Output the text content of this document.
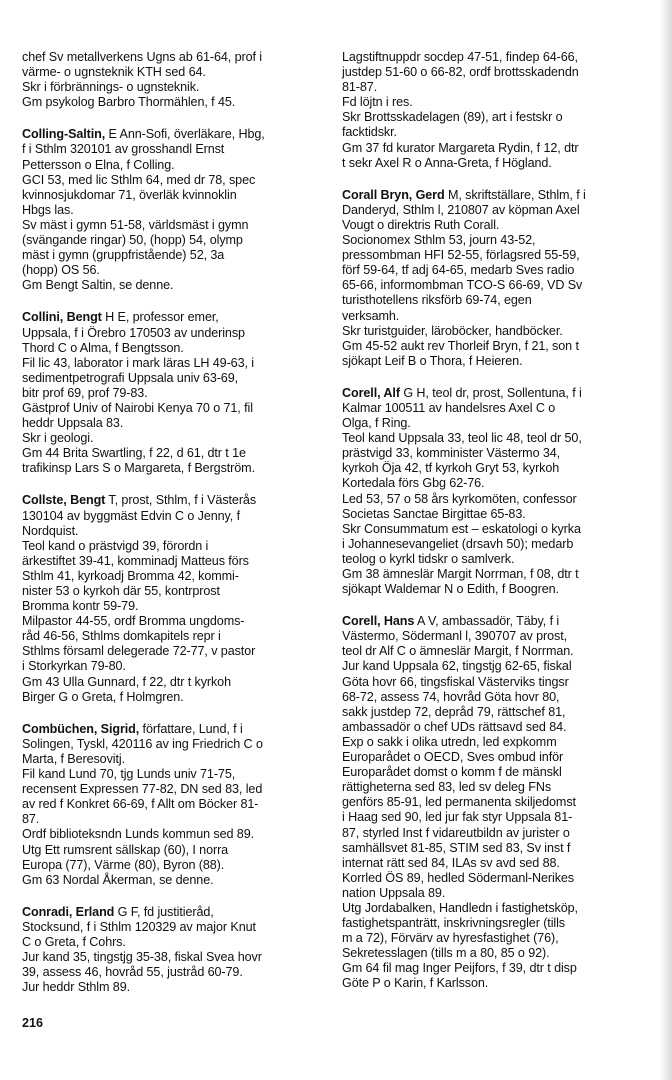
chef Sv metallverkens Ugns ab 61-64, prof i
värme- o ugnsteknik KTH sed 64.
Skr i förbrännings- o ugnsteknik.
Gm psykolog Barbro Thormählen, f 45.
Colling-Saltin, E Ann-Sofi, överläkare, Hbg,
f i Sthlm 320101 av grosshandl Ernst
Pettersson o Elna, f Colling.
GCI 53, med lic Sthlm 64, med dr 78, spec
kvinnosjukdomar 71, överläk kvinnoklin
Hbgs las.
Sv mäst i gymn 51-58, världsmäst i gymn
(svängande ringar) 50, (hopp) 54, olymp
mäst i gymn (gruppfristående) 52, 3a
(hopp) OS 56.
Gm Bengt Saltin, se denne.
Collini, Bengt H E, professor emer,
Uppsala, f i Örebro 170503 av underinsp
Thord C o Alma, f Bengtsson.
Fil lic 43, laborator i mark läras LH 49-63, i
sedimentpetrografi Uppsala univ 63-69,
bitr prof 69, prof 79-83.
Gästprof Univ of Nairobi Kenya 70 o 71, fil
heddr Uppsala 83.
Skr i geologi.
Gm 44 Brita Swartling, f 22, d 61, dtr t 1e
trafikinsp Lars S o Margareta, f Bergström.
Collste, Bengt T, prost, Sthlm, f i Västerås
130104 av byggmäst Edvin C o Jenny, f
Nordquist.
Teol kand o prästvigd 39, förordn i
ärkestiftet 39-41, komminadj Matteus förs
Sthlm 41, kyrkoadj Bromma 42, kommi-
nister 53 o kyrkoh där 55, kontrprost
Bromma kontr 59-79.
Milpastor 44-55, ordf Bromma ungdoms-
råd 46-56, Sthlms domkapitels repr i
Sthlms församl delegerade 72-77, v pastor
i Storkyrkan 79-80.
Gm 43 Ulla Gunnard, f 22, dtr t kyrkoh
Birger G o Greta, f Holmgren.
Combüchen, Sigrid, författare, Lund, f i
Solingen, Tyskl, 420116 av ing Friedrich C o
Marta, f Beresovitj.
Fil kand Lund 70, tjg Lunds univ 71-75,
recensent Expressen 77-82, DN sed 83, led
av red f Konkret 66-69, f Allt om Böcker 81-
87.
Ordf biblioteksndn Lunds kommun sed 89.
Utg Ett rumsrent sällskap (60), I norra
Europa (77), Värme (80), Byron (88).
Gm 63 Nordal Åkerman, se denne.
Conradi, Erland G F, fd justitieråd,
Stocksund, f i Sthlm 120329 av major Knut
C o Greta, f Cohrs.
Jur kand 35, tingstjg 35-38, fiskal Svea hovr
39, assess 46, hovråd 55, justråd 60-79.
Jur heddr Sthlm 89.
Lagstiftnuppdr socdep 47-51, findep 64-66,
justdep 51-60 o 66-82, ordf brottsskadendn
81-87.
Fd löjtn i res.
Skr Brottsskadelagen (89), art i festskr o
facktidskr.
Gm 37 fd kurator Margareta Rydin, f 12, dtr
t sekr Axel R o Anna-Greta, f Högland.
Corall Bryn, Gerd M, skriftställare, Sthlm, f i
Danderyd, Sthlm l, 210807 av köpman Axel
Vougt o direktris Ruth Corall.
Socionomex Sthlm 53, journ 43-52,
pressombman HFI 52-55, förlagsred 55-59,
förf 59-64, tf adj 64-65, medarb Sves radio
65-66, informombman TCO-S 66-69, VD Sv
turisthotellens riksförb 69-74, egen
verksamh.
Skr turistguider, läroböcker, handböcker.
Gm 45-52 aukt rev Thorleif Bryn, f 21, son t
sjökapt Leif B o Thora, f Heieren.
Corell, Alf G H, teol dr, prost, Sollentuna, f i
Kalmar 100511 av handelsres Axel C o
Olga, f Ring.
Teol kand Uppsala 33, teol lic 48, teol dr 50,
prästvigd 33, komminister Västermo 34,
kyrkoh Öja 42, tf kyrkoh Gryt 53, kyrkoh
Kortedala förs Gbg 62-76.
Led 53, 57 o 58 års kyrkomöten, confessor
Societas Sanctae Birgittae 65-83.
Skr Consummatum est – eskatologi o kyrka
i Johannesevangeliet (drsavh 50); medarb
teolog o kyrkl tidskr o samlverk.
Gm 38 ämneslär Margit Norrman, f 08, dtr t
sjökapt Waldemar N o Edith, f Boogren.
Corell, Hans A V, ambassadör, Täby, f i
Västermo, Södermanl l, 390707 av prost,
teol dr Alf C o ämneslär Margit, f Norrman.
Jur kand Uppsala 62, tingstjg 62-65, fiskal
Göta hovr 66, tingsfiskal Västerviks tingsr
68-72, assess 74, hovråd Göta hovr 80,
sakk justdep 72, depråd 79, rättschef 81,
ambassadör o chef UDs rättsavd sed 84.
Exp o sakk i olika utredn, led expkomm
Europarådet o OECD, Sves ombud inför
Europarådet domst o komm f de mänskl
rättigheterna sed 83, led sv deleg FNs
genförs 85-91, led permanenta skiljedomst
i Haag sed 90, led jur fak styr Uppsala 81-
87, styrled Inst f vidareutbildn av jurister o
samhällsvet 81-85, STIM sed 83, Sv inst f
internat rätt sed 84, ILAs sv avd sed 88.
Korrled ÖS 89, hedled Södermanl-Nerikes
nation Uppsala 89.
Utg Jordabalken, Handledn i fastighetsköp,
fastighetspanträtt, inskrivningsregler (tills
m a 72), Förvärv av hyresfastighet (76),
Sekretesslagen (tills m a 80, 85 o 92).
Gm 64 fil mag Inger Peijfors, f 39, dtr t disp
Göte P o Karin, f Karlsson.
216
